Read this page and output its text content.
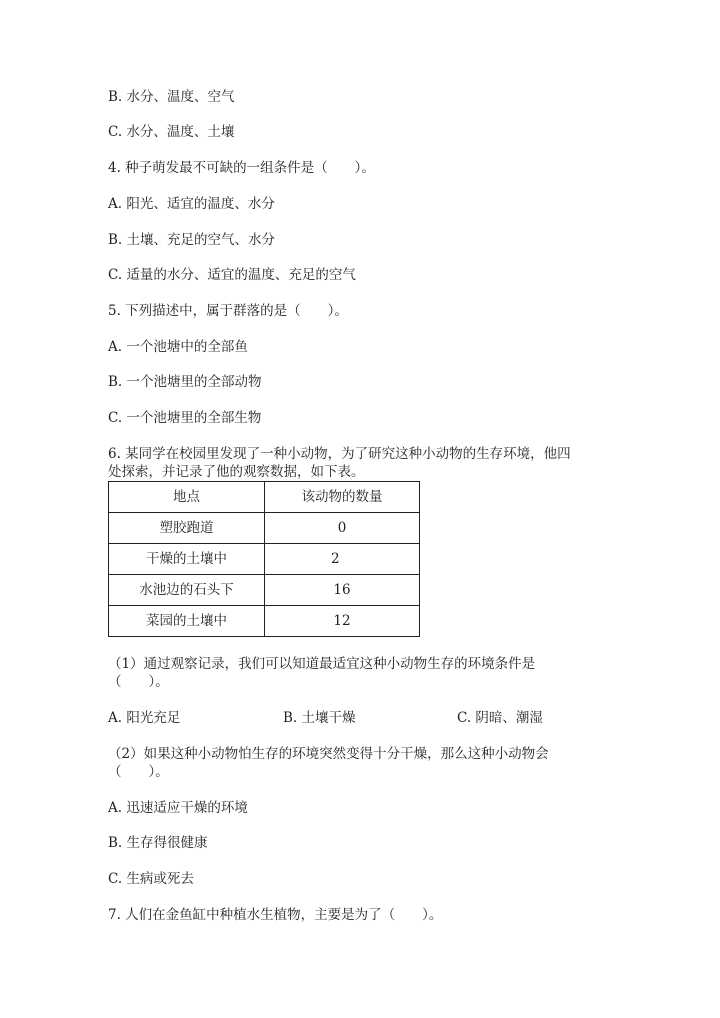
B. 水分、温度、空气
C. 水分、温度、土壤
4. 种子萌发最不可缺的一组条件是（　　）。
A. 阳光、适宜的温度、水分
B. 土壤、充足的空气、水分
C. 适量的水分、适宜的温度、充足的空气
5. 下列描述中，属于群落的是（　　）。
A. 一个池塘中的全部鱼
B. 一个池塘里的全部动物
C. 一个池塘里的全部生物
6. 某同学在校园里发现了一种小动物，为了研究这种小动物的生存环境，他四
处探索，并记录了他的观察数据，如下表。
地点	该动物的数量
塑胶跑道	0
干燥的土壤中	2
水池边的石头下	16
菜园的土壤中	12
（1）通过观察记录，我们可以知道最适宜这种小动物生存的环境条件是
（　　）。
A. 阳光充足	B. 土壤干燥	C. 阴暗、潮湿
（2）如果这种小动物怕生存的环境突然变得十分干燥，那么这种小动物会
（　　）。
A. 迅速适应干燥的环境
B. 生存得很健康
C. 生病或死去
7. 人们在金鱼缸中种植水生植物，主要是为了（　　）。
